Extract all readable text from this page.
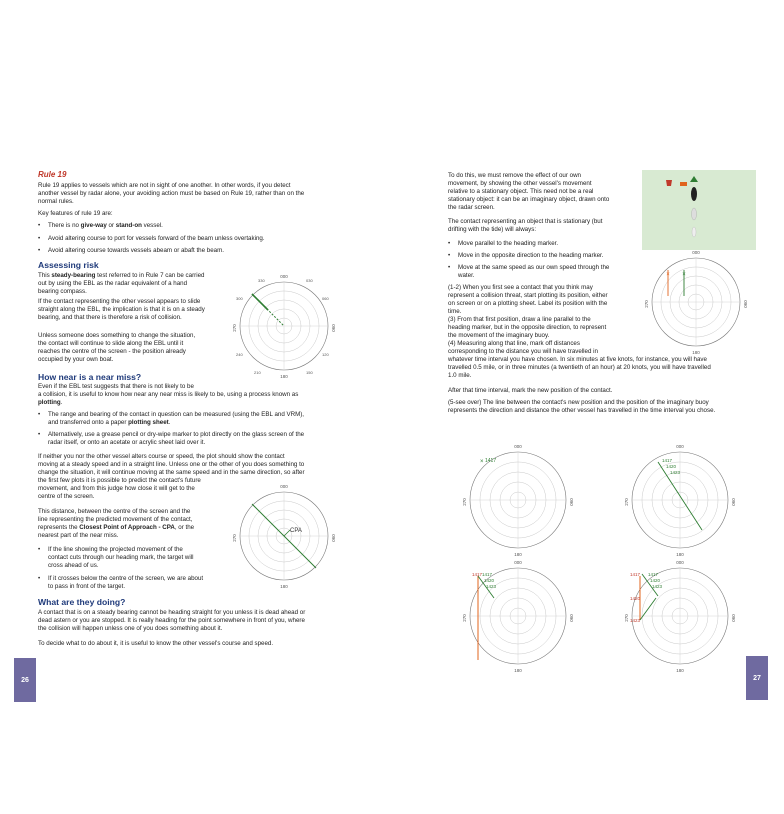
Rule 19
Rule 19 applies to vessels which are not in sight of one another. In other words, if you detect
another vessel by radar alone, your avoiding action must be based on Rule 19, rather than on the
normal rules.
Key features of rule 19 are:
• There is no give-way or stand-on vessel.
• Avoid altering course to port for vessels forward of the beam unless overtaking.
• Avoid altering course towards vessels abeam or abaft the beam.
Assessing risk
This steady-bearing test referred to in Rule 7 can be carried
out by using the EBL as the radar equivalent of a hand
bearing compass.
If the contact representing the other vessel appears to slide
straight along the EBL, the implication is that it is on a steady
bearing, and that there is therefore a risk of collision.
Unless someone does something to change the situation,
the contact will continue to slide along the EBL until it
reaches the centre of the screen - the position already
occupied by your own boat.
000
180
090
270
330	030
060
120
150
210
240
300
How near is a near miss?
Even if the EBL test suggests that there is not likely to be
a collision, it is useful to know how near any near miss is likely to be, using a process known as
plotting.
• The range and bearing of the contact in question can be measured (using the EBL and VRM),
and transferred onto a paper plotting sheet.
• Alternatively, use a grease pencil or dry-wipe marker to plot directly on the glass screen of the
radar itself, or onto an acetate or acrylic sheet laid over it.
If neither you nor the other vessel alters course or speed, the plot should show the contact
moving at a steady speed and in a straight line. Unless one or the other of you does something to
change the situation, it will continue moving at the same speed and in the same direction, so after
the first few plots it is possible to predict the contact's future
movement, and from this judge how close it will get to the
centre of the screen.
This distance, between the centre of the screen and the
line representing the predicted movement of the contact,
represents the Closest Point of Approach - CPA, or the
nearest part of the near miss.
• If the line showing the projected movement of the
contact cuts through our heading mark, the target will
cross ahead of us.
• If it crosses below the centre of the screen, we are about
to pass in front of the target.
000
180
090
270
CPA
What are they doing?
A contact that is on a steady bearing cannot be heading straight for you unless it is dead ahead or
dead astern or you are stopped. It is really heading for the point somewhere in front of you, where
the collision will happen unless one of you does something about it.
To decide what to do about it, it is useful to know the other vessel's course and speed.
26
To do this, we must remove the effect of our own
movement, by showing the other vessel's movement
relative to a stationary object. This need not be a real
stationary object: it can be an imaginary object, drawn onto
the radar screen.
The contact representing an object that is stationary (but
drifting with the tide) will always:
• Move parallel to the heading marker.
• Move in the opposite direction to the heading marker.
• Move at the same speed as our own speed through the
water.
(1-2) When you first see a contact that you think may
represent a collision threat, start plotting its position, either
on screen or on a plotting sheet. Label its position with the
time.
(3) From that first position, draw a line parallel to the
heading marker, but in the opposite direction, to represent
the movement of the imaginary buoy.
(4) Measuring along that line, mark off distances
corresponding to the distance you will have travelled in
whatever time interval you have chosen. In six minutes at five knots, for instance, you will have
travelled 0.5 mile, or in three minutes (a twentieth of an hour) at 20 knots, you will have travelled
1.0 mile.
After that time interval, mark the new position of the contact.
(5-see over) The line between the contact's new position and the position of the imaginary buoy
represents the direction and distance the other vessel has travelled in the time interval you chose.
000
180
090
270
× ×
000
180
090
270
× 1417
000
180
090
270
1417
1420
1423
000
180
090
270
1417 1417
1420
1423
000
180
090
270
1417
1420
1423
1417
1420
1423
27
